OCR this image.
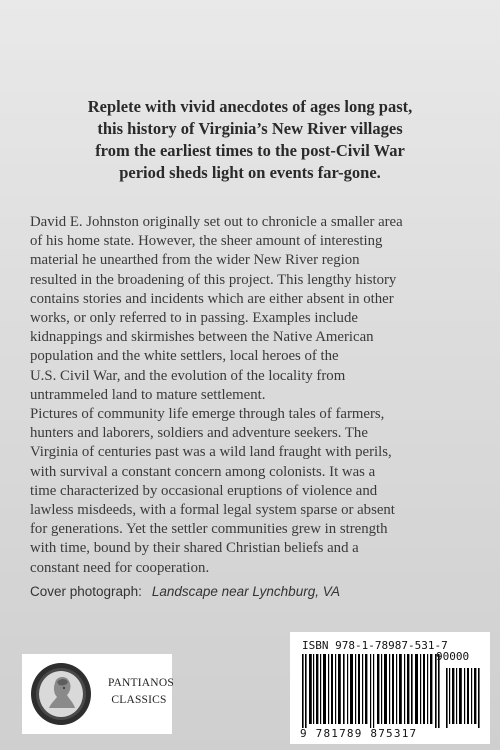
Replete with vivid anecdotes of ages long past,
this history of Virginia’s New River villages
from the earliest times to the post-Civil War
period sheds light on events far-gone.
David E. Johnston originally set out to chronicle a smaller area
of his home state. However, the sheer amount of interesting
material he unearthed from the wider New River region
resulted in the broadening of this project. This lengthy history
contains stories and incidents which are either absent in other
works, or only referred to in passing. Examples include
kidnappings and skirmishes between the Native American
population and the white settlers, local heroes of the
U.S. Civil War, and the evolution of the locality from
untrammeled land to mature settlement.
Pictures of community life emerge through tales of farmers,
hunters and laborers, soldiers and adventure seekers. The
Virginia of centuries past was a wild land fraught with perils,
with survival a constant concern among colonists. It was a
time characterized by occasional eruptions of violence and
lawless misdeeds, with a formal legal system sparse or absent
for generations. Yet the settler communities grew in strength
with time, bound by their shared Christian beliefs and a
constant need for cooperation.
Cover photograph: Landscape near Lynchburg, VA
PANTIANOS
CLASSICS
ISBN 978-1-78987-531-7
90000
9 781789 875317
